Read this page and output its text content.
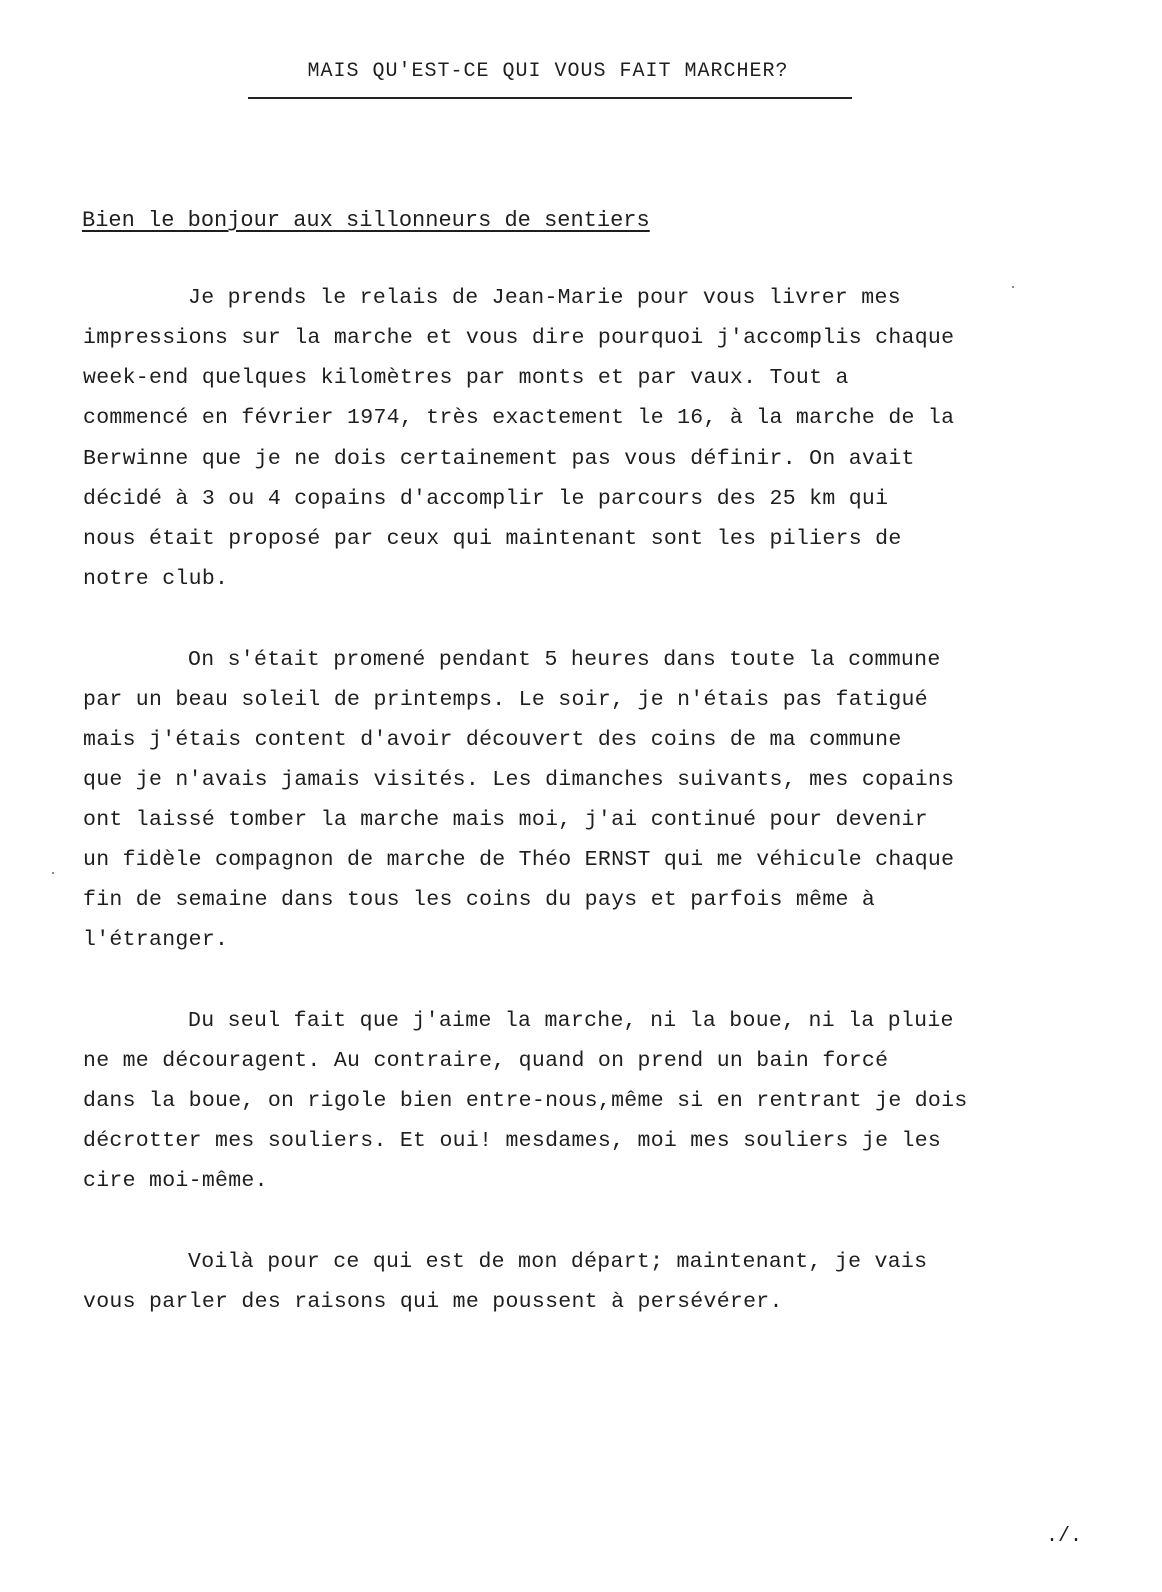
MAIS QU'EST-CE QUI VOUS FAIT MARCHER?
Bien le bonjour aux sillonneurs de sentiers
Je prends le relais de Jean-Marie pour vous livrer mes
impressions sur la marche et vous dire pourquoi j'accomplis chaque
week-end quelques kilomètres par monts et par vaux. Tout a
commencé en février 1974, très exactement le 16, à la marche de la
Berwinne que je ne dois certainement pas vous définir. On avait
décidé à 3 ou 4 copains d'accomplir le parcours des 25 km qui
nous était proposé par ceux qui maintenant sont les piliers de
notre club.
On s'était promené pendant 5 heures dans toute la commune
par un beau soleil de printemps. Le soir, je n'étais pas fatigué
mais j'étais content d'avoir découvert des coins de ma commune
que je n'avais jamais visités. Les dimanches suivants, mes copains
ont laissé tomber la marche mais moi, j'ai continué pour devenir
un fidèle compagnon de marche de Théo ERNST qui me véhicule chaque
fin de semaine dans tous les coins du pays et parfois même à
l'étranger.
Du seul fait que j'aime la marche, ni la boue, ni la pluie
ne me découragent. Au contraire, quand on prend un bain forcé
dans la boue, on rigole bien entre-nous,même si en rentrant je dois
décrotter mes souliers. Et oui! mesdames, moi mes souliers je les
cire moi-même.
Voilà pour ce qui est de mon départ; maintenant, je vais
vous parler des raisons qui me poussent à persévérer.
./.
